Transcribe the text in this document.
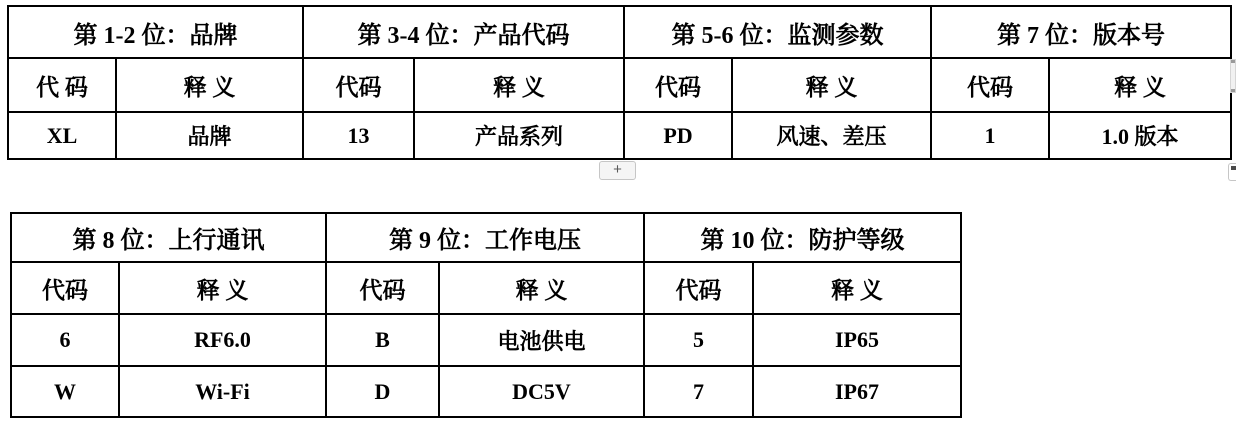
第 1-2 位：品牌		第 3-4 位：产品代码		第 5-6 位：监测参数		第 7 位：版本号	
代 码	释 义	代码	释 义	代码	释 义	代码	释 义
XL	品牌	13	产品系列	PD	风速、差压	1	1.0 版本
+
第 8 位：上行通讯		第 9 位：工作电压		第 10 位：防护等级	
代码	释 义	代码	释 义	代码	释 义
6	RF6.0	B	电池供电	5	IP65
W	Wi-Fi	D	DC5V	7	IP67
